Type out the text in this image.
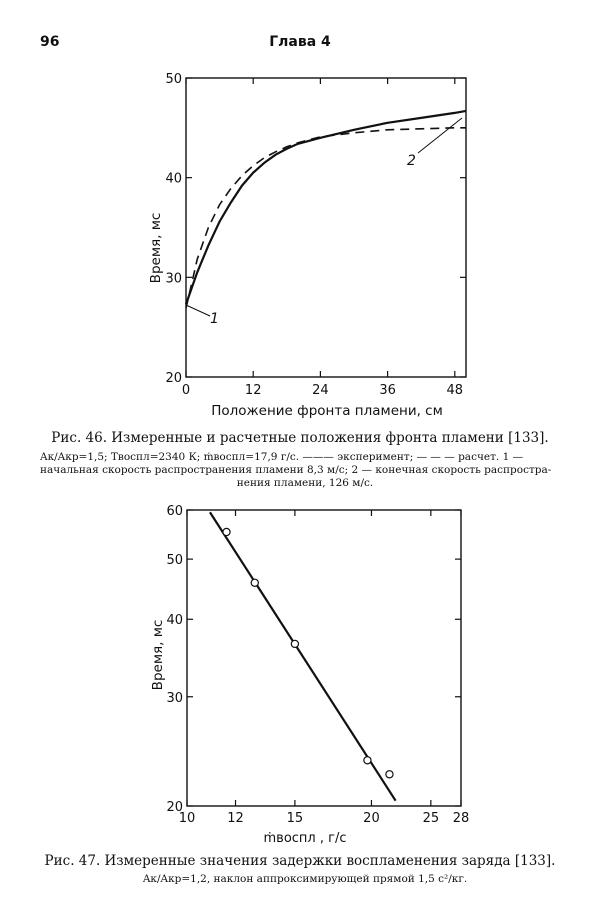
96	Глава 4
0	12	24	36	48
20
30
40
50
Положение фронта пламени, см
Время, мс
1
2
Рис. 46. Измеренные и расчетные положения фронта пламени [133].
Aк/Aкр=1,5; Tвоспл=2340 К; ṁвоспл=17,9 г/с. ——— эксперимент; — — — расчет. 1 —
начальная скорость распространения пламени 8,3 м/с; 2 — конечная скорость распростра-
нения пламени, 126 м/с.
10 12	15	20	25 28
20
30
40
50
60
ṁвоспл , г/с
Время, мс
Рис. 47. Измеренные значения задержки воспламенения заряда [133].
Aк/Aкр=1,2, наклон аппроксимирующей прямой 1,5 с²/кг.
